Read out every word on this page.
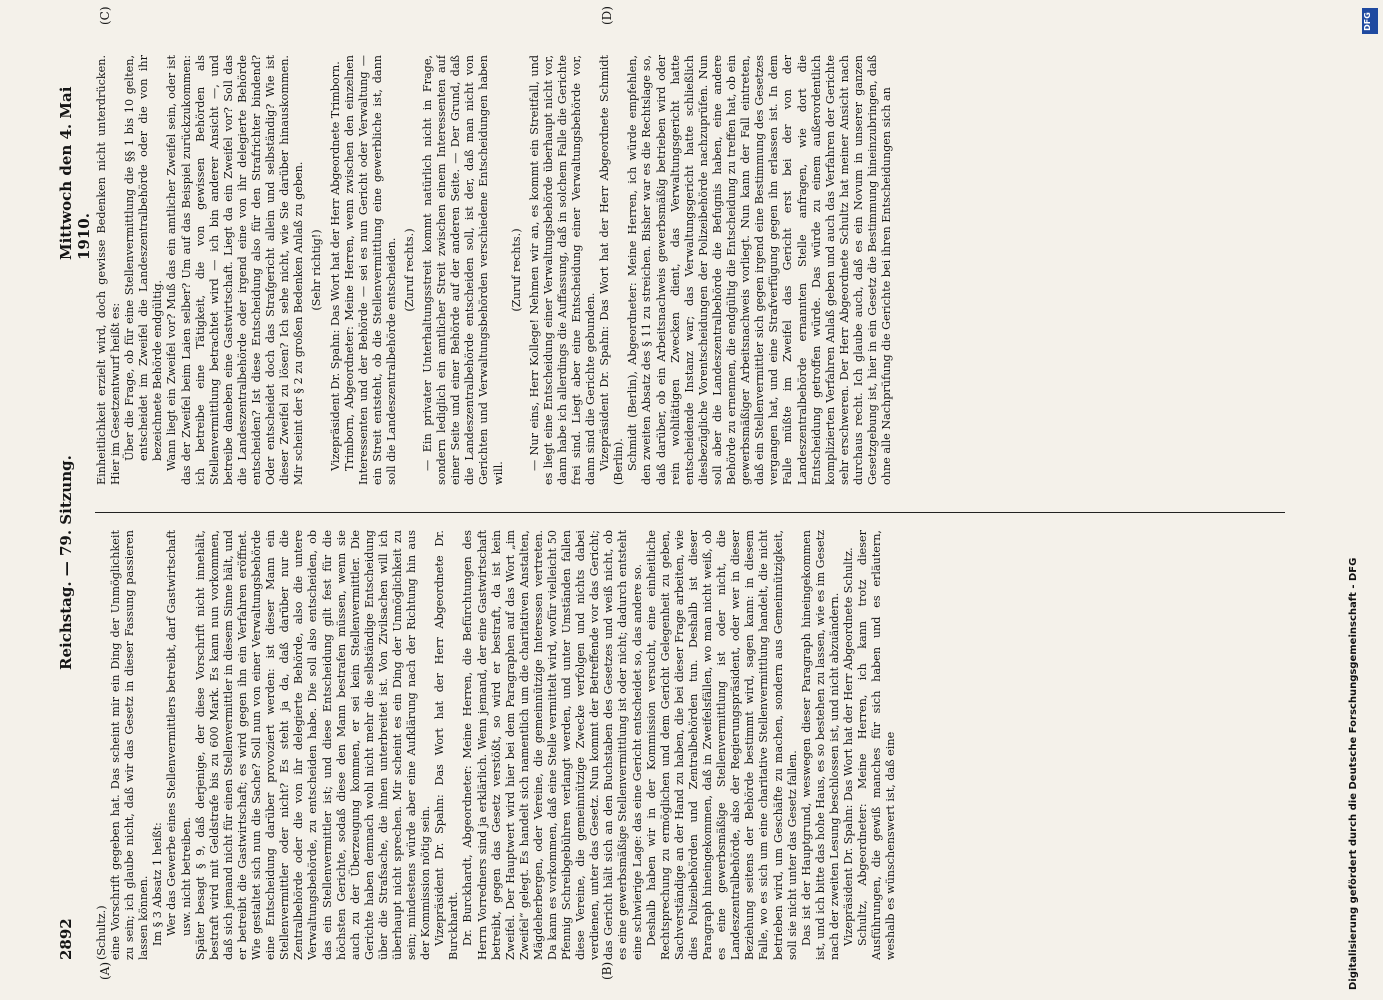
2892
Reichstag. — 79. Sitzung.
Mittwoch den 4. Mai 1910.
(A)	(B)
(C)	(D)

(Schultz.) eine Vorschrift gegeben hat. Das scheint mir ein Ding der Unmöglichkeit zu sein; ich glaube nicht, daß wir das Gesetz in dieser Fassung passieren lassen können. Im § 3 Absatz 1 heißt: Wer das Gewerbe eines Stellenvermittlers betreibt, darf Gastwirtschaft usw. nicht betreiben. Später besagt § 9, daß derjenige, der diese Vorschrift nicht innehält, bestraft wird mit Geldstrafe bis zu 600 Mark. Es kann nun vorkommen, daß sich jemand nicht für einen Stellenvermittler in diesem Sinne hält, und er betreibt die Gastwirtschaft; es wird gegen ihn ein Verfahren eröffnet. Wie gestaltet sich nun die Sache? Soll nun von einer Verwaltungsbehörde eine Entscheidung darüber provoziert werden: ist dieser Mann ein Stellenvermittler oder nicht? Es steht ja da, daß darüber nur die Zentralbehörde oder die von ihr delegierte Behörde, also die untere Verwaltungsbehörde, zu entscheiden habe. Die soll also entscheiden, ob das ein Stellenvermittler ist; und diese Entscheidung gilt fest für die höchsten Gerichte, sodaß diese den Mann bestrafen müssen, wenn sie auch zu der Überzeugung kommen, er sei kein Stellenvermittler. Die Gerichte haben demnach wohl nicht mehr die selbständige Entscheidung über die Strafsache, die ihnen unterbreitet ist. Von Zivilsachen will ich überhaupt nicht sprechen. Mir scheint es ein Ding der Unmöglichkeit zu sein; mindestens würde aber eine Aufklärung nach der Richtung hin aus der Kommission nötig sein. Vizepräsident Dr. Spahn: Das Wort hat der Herr Abgeordnete Dr. Burckhardt. Dr. Burckhardt, Abgeordneter: Meine Herren, die Befürchtungen des Herrn Vorredners sind ja erklärlich. Wenn jemand, der eine Gastwirtschaft betreibt, gegen das Gesetz verstößt, so wird er bestraft, da ist kein Zweifel. Der Hauptwert wird hier bei dem Paragraphen auf das Wort „im Zweifel“ gelegt. Es handelt sich namentlich um die charitativen Anstalten, Mägdeherbergen, oder Vereine, die gemeinnützige Interessen vertreten. Da kann es vorkommen, daß eine Stelle vermittelt wird, wofür vielleicht 50 Pfennig Schreibgebühren verlangt werden, und unter Umständen fallen diese Vereine, die gemeinnützige Zwecke verfolgen und nichts dabei verdienen, unter das Gesetz. Nun kommt der Betreffende vor das Gericht; das Gericht hält sich an den Buchstaben des Gesetzes und weiß nicht, ob es eine gewerbsmäßige Stellenvermittlung ist oder nicht; dadurch entsteht eine schwierige Lage: das eine Gericht entscheidet so, das andere so. Deshalb haben wir in der Kommission versucht, eine einheitliche Rechtsprechung zu ermöglichen und dem Gericht Gelegenheit zu geben, Sachverständige an der Hand zu haben, die bei dieser Frage arbeiten, wie dies Polizeibehörden und Zentralbehörden tun. Deshalb ist dieser Paragraph hineingekommen, daß in Zweifelsfällen, wo man nicht weiß, ob es eine gewerbsmäßige Stellenvermittlung ist oder nicht, die Landeszentralbehörde, also der Regierungspräsident, oder wer in dieser Beziehung seitens der Behörde bestimmt wird, sagen kann: in diesem Falle, wo es sich um eine charitative Stellenvermittlung handelt, die nicht betrieben wird, um Geschäfte zu machen, sondern aus Gemeinnützigkeit, soll sie nicht unter das Gesetz fallen. Das ist der Hauptgrund, weswegen dieser Paragraph hineingekommen ist, und ich bitte das hohe Haus, es so bestehen zu lassen, wie es im Gesetz nach der zweiten Lesung beschlossen ist, und nicht abzuändern. Vizepräsident Dr. Spahn: Das Wort hat der Herr Abgeordnete Schultz. Schultz, Abgeordneter: Meine Herren, ich kann trotz dieser Ausführungen, die gewiß manches für sich haben und es erläutern, weshalb es wünschenswert ist, daß eine

Einheitlichkeit erzielt wird, doch gewisse Bedenken nicht unterdrücken. Hier im Gesetzentwurf heißt es: Über die Frage, ob für eine Stellenvermittlung die §§ 1 bis 10 gelten, entscheidet im Zweifel die Landeszentralbehörde oder die von ihr bezeichnete Behörde endgültig. Wann liegt ein Zweifel vor? Muß das ein amtlicher Zweifel sein, oder ist das der Zweifel beim Laien selber? Um auf das Beispiel zurückzukommen: ich betreibe eine Tätigkeit, die von gewissen Behörden als Stellenvermittlung betrachtet wird — ich bin anderer Ansicht —, und betreibe daneben eine Gastwirtschaft. Liegt da ein Zweifel vor? Soll das die Landeszentralbehörde oder irgend eine von ihr delegierte Behörde entscheiden? Ist diese Entscheidung also für den Strafrichter bindend? Oder entscheidet doch das Strafgericht allein und selbständig? Wie ist dieser Zweifel zu lösen? Ich sehe nicht, wie Sie darüber hinauskommen. Mir scheint der § 2 zu großen Bedenken Anlaß zu geben. (Sehr richtig!) Vizepräsident Dr. Spahn: Das Wort hat der Herr Abgeordnete Trimborn. Trimborn, Abgeordneter: Meine Herren, wenn zwischen den einzelnen Interessenten und der Behörde — sei es nun Gericht oder Verwaltung — ein Streit entsteht, ob die Stellenvermittlung eine gewerbliche ist, dann soll die Landeszentralbehörde entscheiden. (Zuruf rechts.) — Ein privater Unterhaltungsstreit kommt natürlich nicht in Frage, sondern lediglich ein amtlicher Streit zwischen einem Interessenten auf einer Seite und einer Behörde auf der anderen Seite. — Der Grund, daß die Landeszentralbehörde entscheiden soll, ist der, daß man nicht von Gerichten und Verwaltungsbehörden verschiedene Entscheidungen haben will.

(Zuruf rechts.) — Nur eins, Herr Kollege! Nehmen wir an, es kommt ein Streitfall, und es liegt eine Entscheidung einer Verwaltungsbehörde überhaupt nicht vor, dann habe ich allerdings die Auffassung, daß in solchem Falle die Gerichte frei sind. Liegt aber eine Entscheidung einer Verwaltungsbehörde vor, dann sind die Gerichte gebunden. Vizepräsident Dr. Spahn: Das Wort hat der Herr Abgeordnete Schmidt (Berlin). Schmidt (Berlin), Abgeordneter: Meine Herren, ich würde empfehlen, den zweiten Absatz des § 11 zu streichen. Bisher war es die Rechtslage so, daß darüber, ob ein Arbeitsnachweis gewerbsmäßig betrieben wird oder rein wohltätigen Zwecken dient, das Verwaltungsgericht hatte entscheidende Instanz war; das Verwaltungsgericht hatte schließlich diesbezügliche Vorentscheidungen der Polizeibehörde nachzuprüfen. Nun soll aber die Landeszentralbehörde die Befugnis haben, eine andere Behörde zu ernennen, die endgültig die Entscheidung zu treffen hat, ob ein gewerbsmäßiger Arbeitsnachweis vorliegt. Nun kann der Fall eintreten, daß ein Stellenvermittler sich gegen irgend eine Bestimmung des Gesetzes vergangen hat, und eine Strafverfügung gegen ihn erlassen ist. In dem Falle müßte im Zweifel das Gericht erst bei der von der Landeszentralbehörde ernannten Stelle anfragen, wie dort die Entscheidung getroffen würde. Das würde zu einem außerordentlich komplizierten Verfahren Anlaß geben und auch das Verfahren der Gerichte sehr erschweren. Der Herr Abgeordnete Schultz hat meiner Ansicht nach durchaus recht. Ich glaube auch, daß es ein Novum in unserer ganzen Gesetzgebung ist, hier in ein Gesetz die Bestimmung hineinzubringen, daß ohne alle Nachprüfung die Gerichte bei ihren Entscheidungen sich an

Digitalisierung gefördert durch die Deutsche Forschungsgemeinschaft - DFG
DFG
